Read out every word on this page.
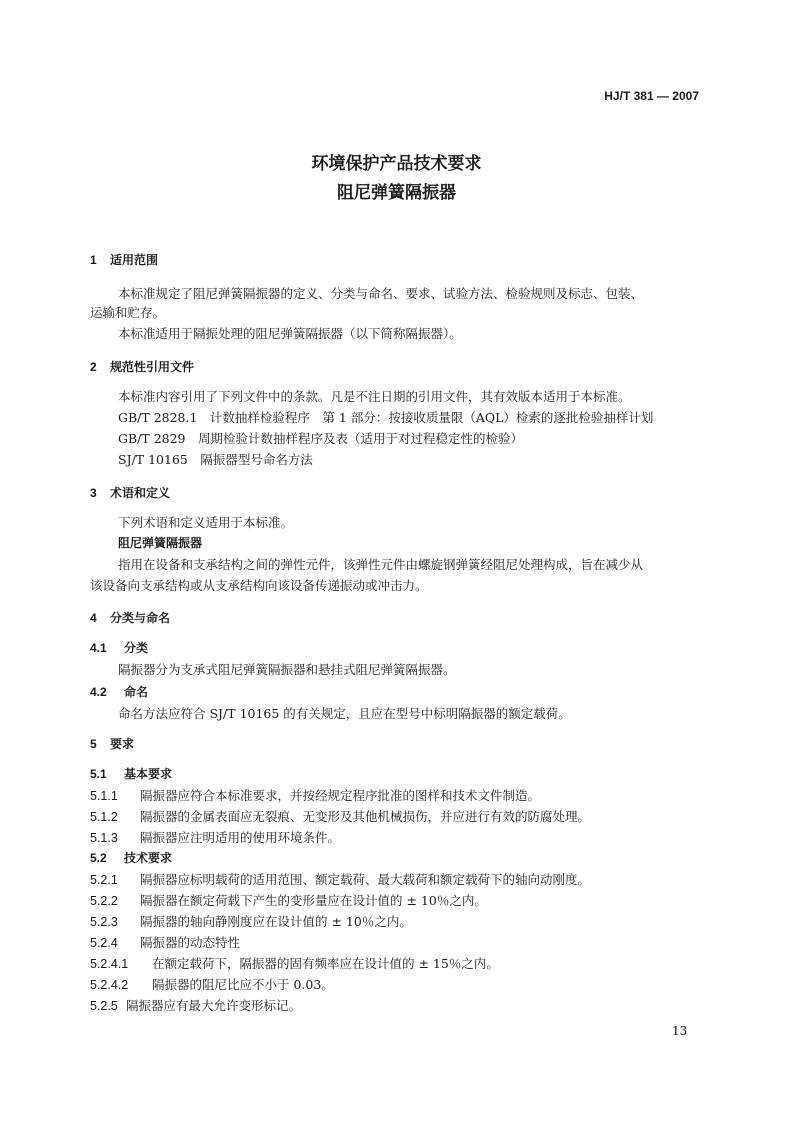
HJ/T 381 — 2007
环境保护产品技术要求
阻尼弹簧隔振器
1 适用范围
本标准规定了阻尼弹簧隔振器的定义、分类与命名、要求、试验方法、检验规则及标志、包装、
运输和贮存。
本标准适用于隔振处理的阻尼弹簧隔振器（以下简称隔振器）。
2 规范性引用文件
本标准内容引用了下列文件中的条款。凡是不注日期的引用文件，其有效版本适用于本标准。
GB/T 2828.1　计数抽样检验程序　第 1 部分：按接收质量限（AQL）检索的逐批检验抽样计划
GB/T 2829　周期检验计数抽样程序及表（适用于对过程稳定性的检验）
SJ/T 10165　隔振器型号命名方法
3 术语和定义
下列术语和定义适用于本标准。
阻尼弹簧隔振器
指用在设备和支承结构之间的弹性元件，该弹性元件由螺旋钢弹簧经阻尼处理构成，旨在减少从
该设备向支承结构或从支承结构向该设备传递振动或冲击力。
4 分类与命名
4.1 分类
隔振器分为支承式阻尼弹簧隔振器和悬挂式阻尼弹簧隔振器。
4.2 命名
命名方法应符合 SJ/T 10165 的有关规定，且应在型号中标明隔振器的额定载荷。
5 要求
5.1 基本要求
5.1.1 隔振器应符合本标准要求，并按经规定程序批准的图样和技术文件制造。
5.1.2 隔振器的金属表面应无裂痕、无变形及其他机械损伤，并应进行有效的防腐处理。
5.1.3 隔振器应注明适用的使用环境条件。
5.2 技术要求
5.2.1 隔振器应标明载荷的适用范围、额定载荷、最大载荷和额定载荷下的轴向动刚度。
5.2.2 隔振器在额定荷载下产生的变形量应在设计值的 ± 10％之内。
5.2.3 隔振器的轴向静刚度应在设计值的 ± 10％之内。
5.2.4 隔振器的动态特性
5.2.4.1 在额定载荷下，隔振器的固有频率应在设计值的 ± 15％之内。
5.2.4.2 隔振器的阻尼比应不小于 0.03。
5.2.5 隔振器应有最大允许变形标记。
13
